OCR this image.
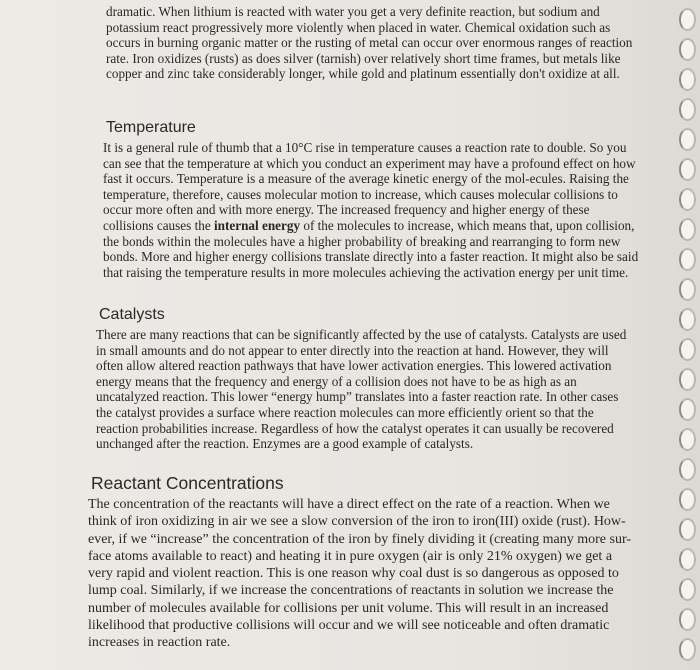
dramatic. When lithium is reacted with water you get a very definite reaction, but sodium and potassium react progressively more violently when placed in water. Chemical oxidation such as occurs in burning organic matter or the rusting of metal can occur over enormous ranges of reaction rate. Iron oxidizes (rusts) as does silver (tarnish) over relatively short time frames, but metals like copper and zinc take considerably longer, while gold and platinum essentially don't oxidize at all.

Temperature

It is a general rule of thumb that a 10°C rise in temperature causes a reaction rate to double. So you can see that the temperature at which you conduct an experiment may have a profound effect on how fast it occurs. Temperature is a measure of the average kinetic energy of the mol-ecules. Raising the temperature, therefore, causes molecular motion to increase, which causes molecular collisions to occur more often and with more energy. The increased frequency and higher energy of these collisions causes the internal energy of the molecules to increase, which means that, upon collision, the bonds within the molecules have a higher probability of breaking and rearranging to form new bonds. More and higher energy collisions translate directly into a faster reaction. It might also be said that raising the temperature results in more molecules achieving the activation energy per unit time.

Catalysts

There are many reactions that can be significantly affected by the use of catalysts. Catalysts are used in small amounts and do not appear to enter directly into the reaction at hand. However, they will often allow altered reaction pathways that have lower activation energies. This lowered activation energy means that the frequency and energy of a collision does not have to be as high as an uncatalyzed reaction. This lower “energy hump” translates into a faster reaction rate. In other cases the catalyst provides a surface where reaction molecules can more efficiently orient so that the reaction probabilities increase. Regardless of how the catalyst operates it can usually be recovered unchanged after the reaction. Enzymes are a good example of catalysts.

Reactant Concentrations

The concentration of the reactants will have a direct effect on the rate of a reaction. When we think of iron oxidizing in air we see a slow conversion of the iron to iron(III) oxide (rust). How-ever, if we “increase” the concentration of the iron by finely dividing it (creating many more sur-face atoms available to react) and heating it in pure oxygen (air is only 21% oxygen) we get a very rapid and violent reaction. This is one reason why coal dust is so dangerous as opposed to lump coal. Similarly, if we increase the concentrations of reactants in solution we increase the number of molecules available for collisions per unit volume. This will result in an increased likelihood that productive collisions will occur and we will see noticeable and often dramatic increases in reaction rate.
